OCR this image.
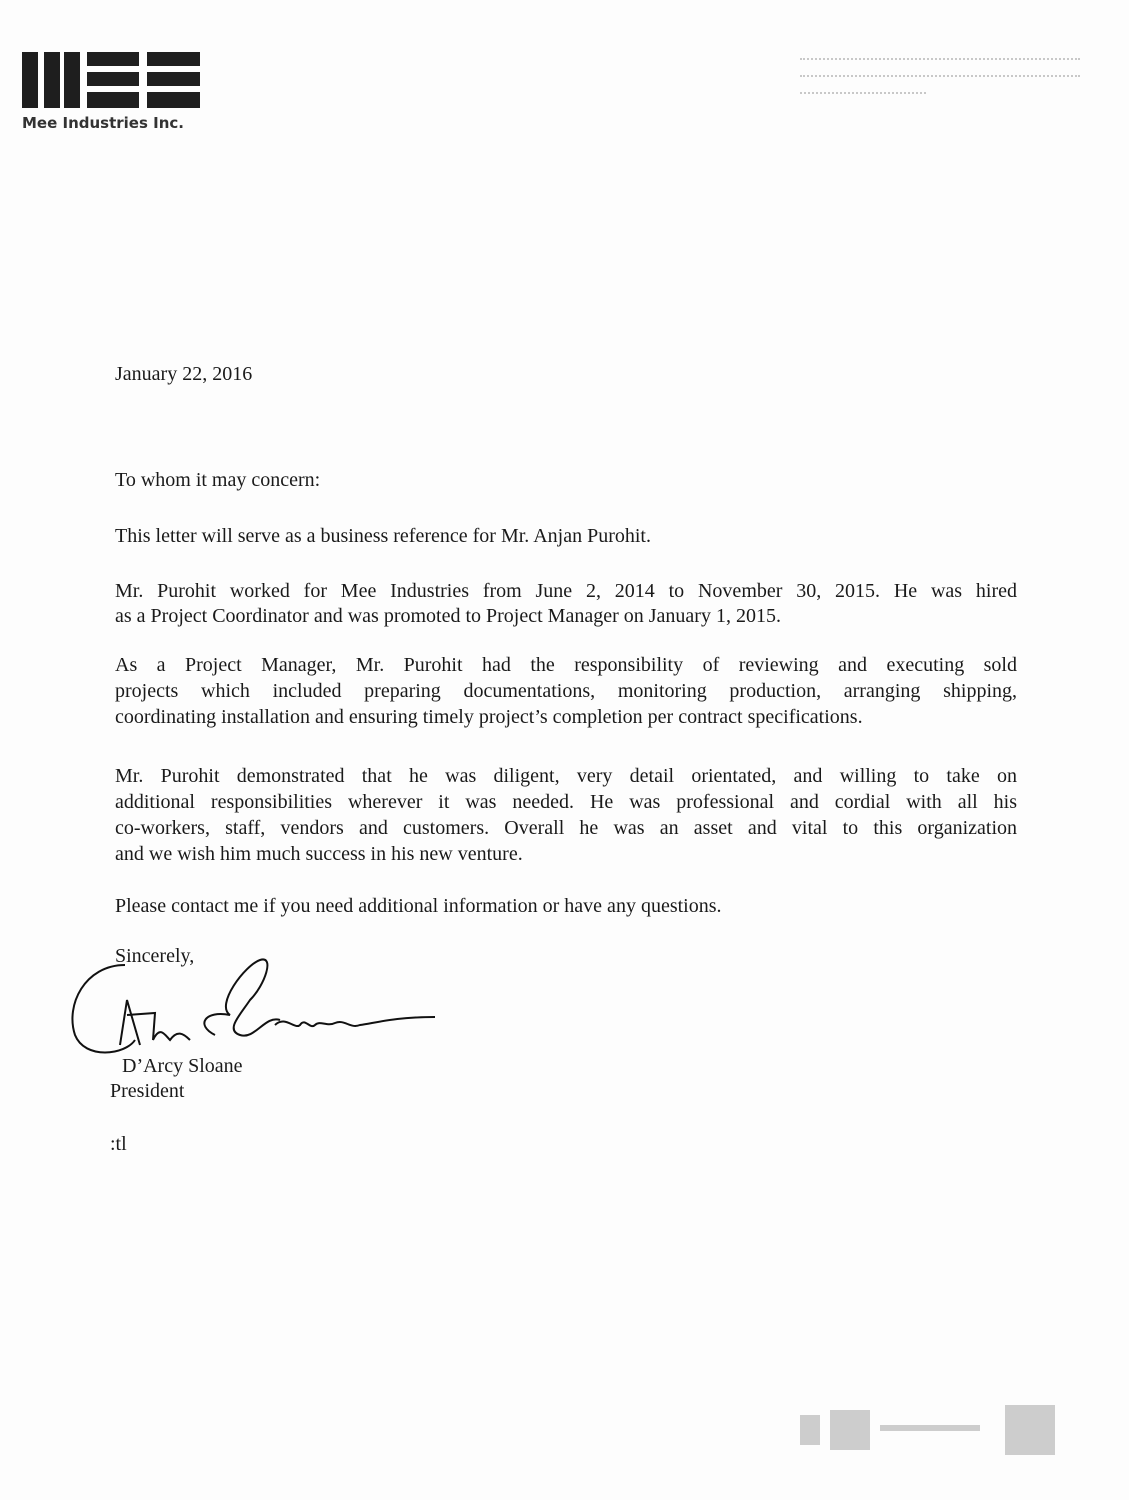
Mee Industries Inc.
January 22, 2016
To whom it may concern:
This letter will serve as a business reference for Mr. Anjan Purohit.
Mr. Purohit worked for Mee Industries from June 2, 2014 to November 30, 2015. He was hired
as a Project Coordinator and was promoted to Project Manager on January 1, 2015.
As a Project Manager, Mr. Purohit had the responsibility of reviewing and executing sold
projects which included preparing documentations, monitoring production, arranging shipping,
coordinating installation and ensuring timely project’s completion per contract specifications.
Mr. Purohit demonstrated that he was diligent, very detail orientated, and willing to take on
additional responsibilities wherever it was needed. He was professional and cordial with all his
co-workers, staff, vendors and customers. Overall he was an asset and vital to this organization
and we wish him much success in his new venture.
Please contact me if you need additional information or have any questions.
Sincerely,
D’Arcy Sloane
President
:tl
